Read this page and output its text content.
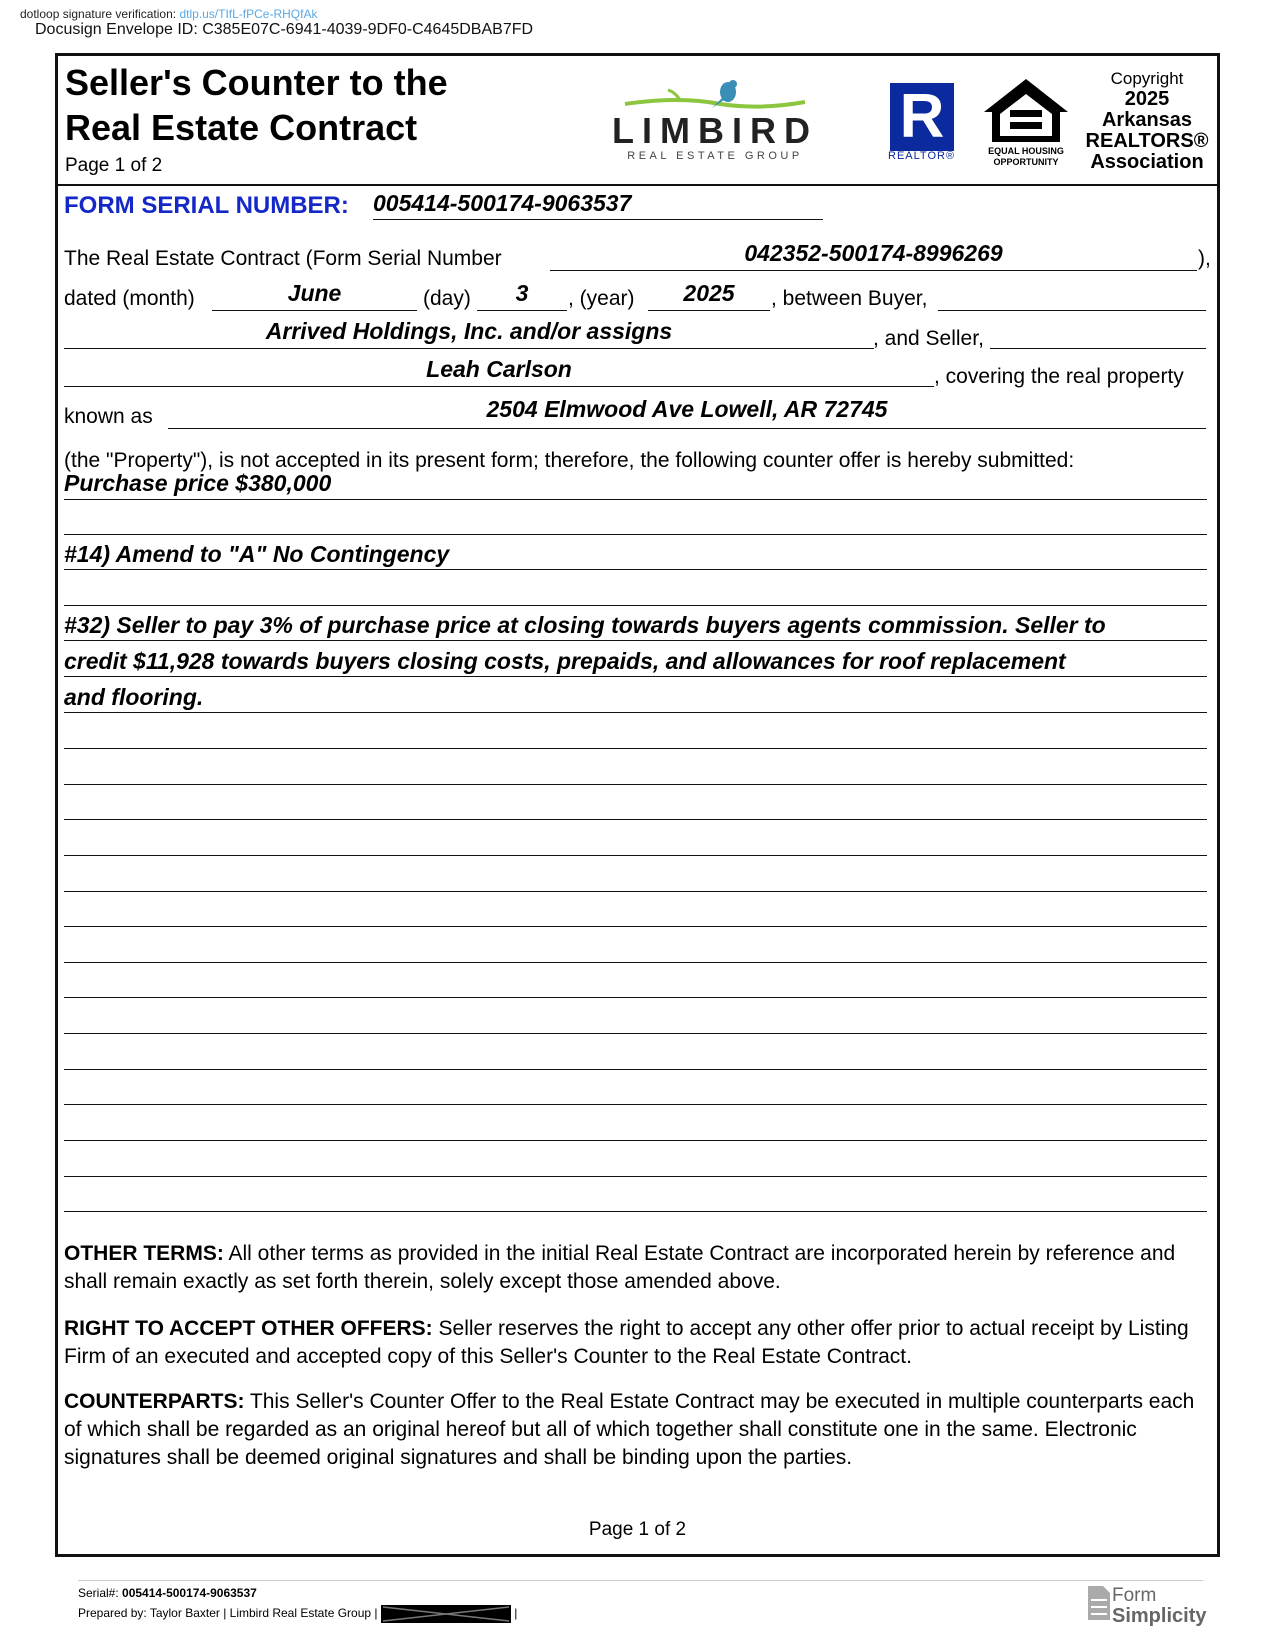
dotloop signature verification: dtlp.us/TIfL-fPCe-RHQfAk
Docusign Envelope ID: C385E07C-6941-4039-9DF0-C4645DBAB7FD
Seller's Counter to the
Real Estate Contract
Page 1 of 2
LIMBIRD
REAL ESTATE GROUP
R
REALTOR®	EQUAL HOUSING
OPPORTUNITY
Copyright
2025
Arkansas
REALTORS®
Association
FORM SERIAL NUMBER: 005414-500174-9063537
The Real Estate Contract (Form Serial Number	042352-500174-8996269	),
dated (month)	June	(day)	3	, (year)	2025	, between Buyer,
Arrived Holdings, Inc. and/or assigns	, and Seller,
Leah Carlson	, covering the real property
known as	2504 Elmwood Ave Lowell, AR 72745
(the "Property"), is not accepted in its present form; therefore, the following counter offer is hereby submitted:
Purchase price $380,000
#14) Amend to "A" No Contingency
#32) Seller to pay 3% of purchase price at closing towards buyers agents commission. Seller to
credit $11,928 towards buyers closing costs, prepaids, and allowances for roof replacement
and flooring.
OTHER TERMS: All other terms as provided in the initial Real Estate Contract are incorporated herein by reference and shall remain exactly as set forth therein, solely except those amended above.
RIGHT TO ACCEPT OTHER OFFERS: Seller reserves the right to accept any other offer prior to actual receipt by Listing Firm of an executed and accepted copy of this Seller's Counter to the Real Estate Contract.
COUNTERPARTS: This Seller's Counter Offer to the Real Estate Contract may be executed in multiple counterparts each of which shall be regarded as an original hereof but all of which together shall constitute one in the same. Electronic signatures shall be deemed original signatures and shall be binding upon the parties.
Page 1 of 2
Serial#: 005414-500174-9063537
Prepared by: Taylor Baxter | Limbird Real Estate Group |	|
Form
Simplicity
